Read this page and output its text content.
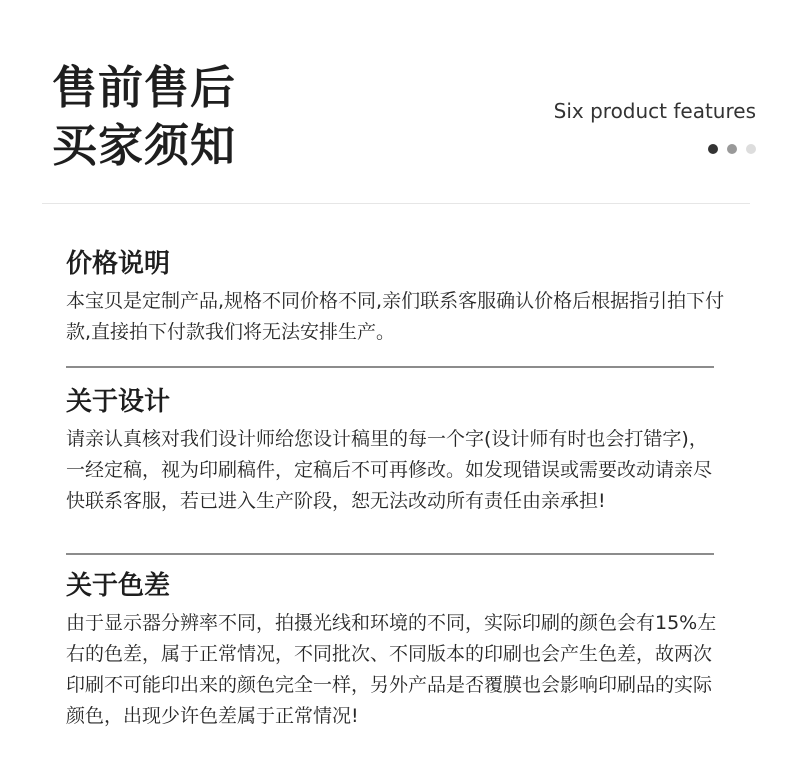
售前售后
买家须知
Six product features
价格说明
本宝贝是定制产品,规格不同价格不同,亲们联系客服确认价格后根据指引拍下付款,直接拍下付款我们将无法安排生产。
关于设计
请亲认真核对我们设计师给您设计稿里的每一个字(设计师有时也会打错字)，一经定稿，视为印刷稿件，定稿后不可再修改。如发现错误或需要改动请亲尽快联系客服，若已进入生产阶段，恕无法改动所有责任由亲承担!
关于色差
由于显示器分辨率不同，拍摄光线和环境的不同，实际印刷的颜色会有15%左右的色差，属于正常情况，不同批次、不同版本的印刷也会产生色差，故两次印刷不可能印出来的颜色完全一样，另外产品是否覆膜也会影响印刷品的实际颜色，出现少许色差属于正常情况!
